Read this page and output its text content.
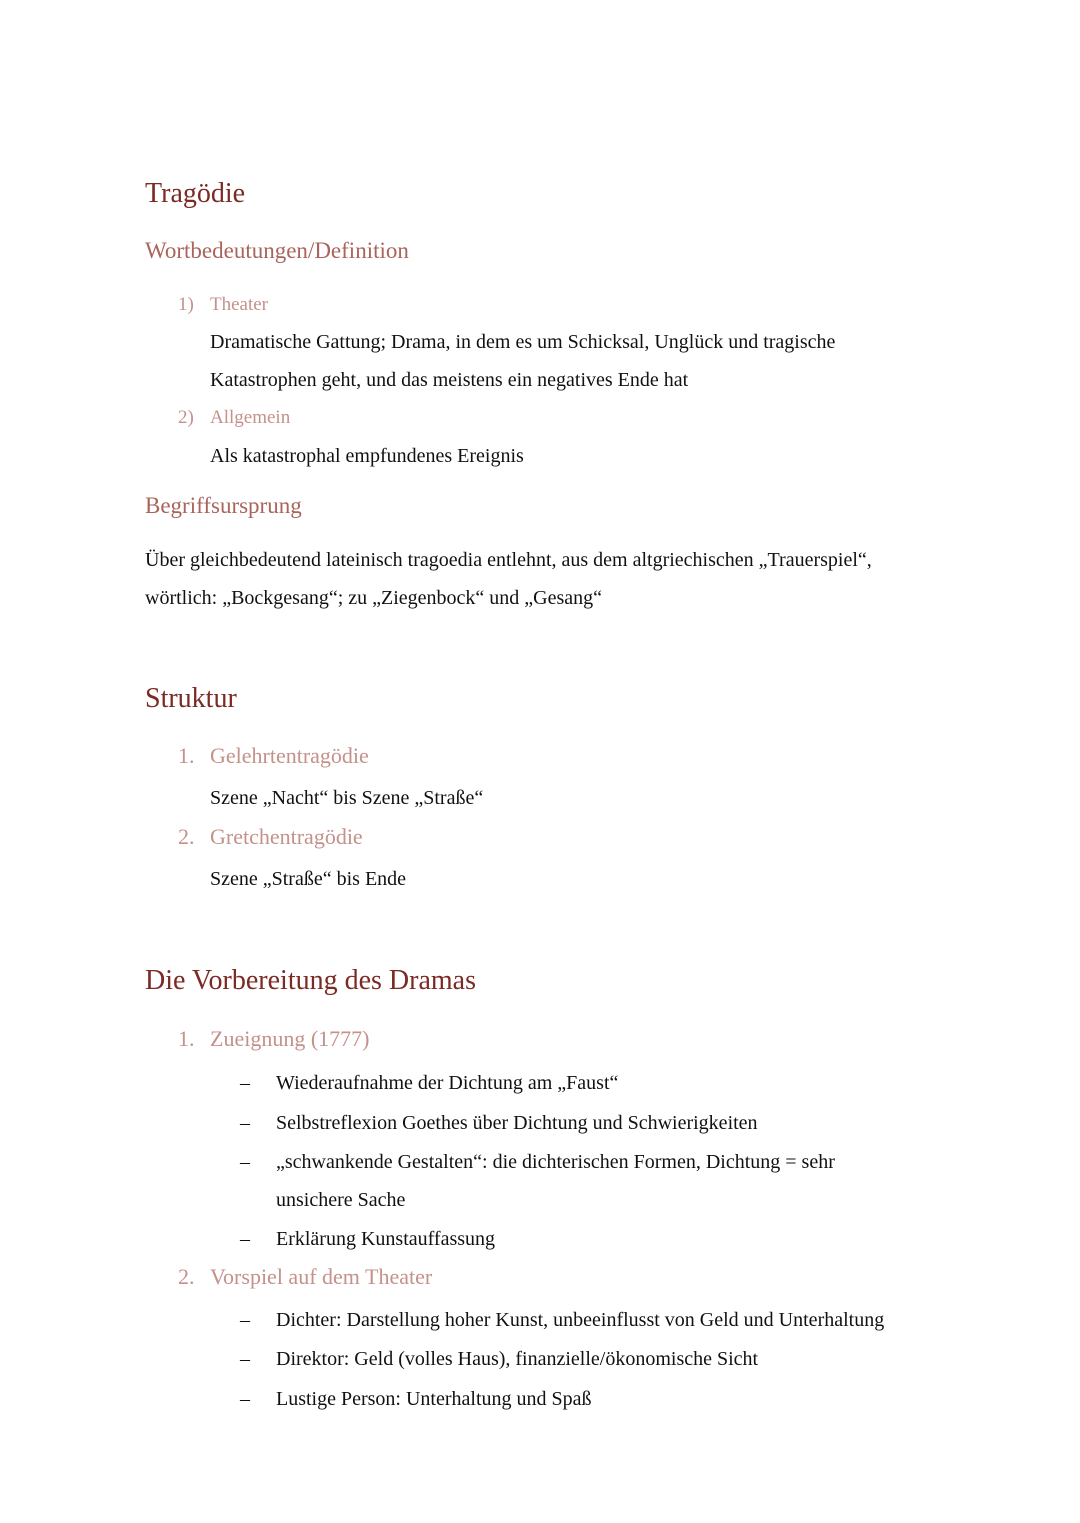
Tragödie
Wortbedeutungen/Definition
1) Theater
Dramatische Gattung; Drama, in dem es um Schicksal, Unglück und tragische
Katastrophen geht, und das meistens ein negatives Ende hat
2) Allgemein
Als katastrophal empfundenes Ereignis
Begriffsursprung
Über gleichbedeutend lateinisch tragoedia entlehnt, aus dem altgriechischen „Trauerspiel“,
wörtlich: „Bockgesang“; zu „Ziegenbock“ und „Gesang“
Struktur
1. Gelehrtentragödie
Szene „Nacht“ bis Szene „Straße“
2. Gretchentragödie
Szene „Straße“ bis Ende
Die Vorbereitung des Dramas
1. Zueignung (1777)
– Wiederaufnahme der Dichtung am „Faust“
– Selbstreflexion Goethes über Dichtung und Schwierigkeiten
– „schwankende Gestalten“: die dichterischen Formen, Dichtung = sehr
unsichere Sache
– Erklärung Kunstauffassung
2. Vorspiel auf dem Theater
– Dichter: Darstellung hoher Kunst, unbeeinflusst von Geld und Unterhaltung
– Direktor: Geld (volles Haus), finanzielle/ökonomische Sicht
– Lustige Person: Unterhaltung und Spaß
